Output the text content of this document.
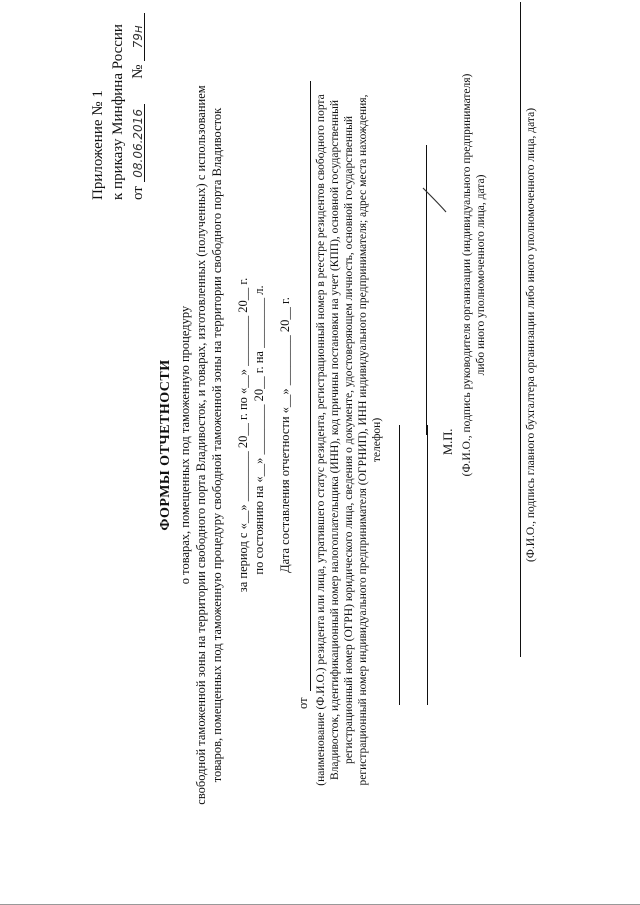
Приложение № 1 к приказу Минфина России от 08.06.2016  № 79н
ФОРМЫ ОТЧЕТНОСТИ о товарах, помещенных под таможенную процедуру свободной таможенной зоны на территории свободного порта Владивосток, и товарах, изготовленных (полученных) с использованием товаров, помещенных под таможенную процедуру свободной таможенной зоны на территории свободного порта Владивосток за период с «__» ________ 20__ г. по «__» ________ 20__ г. по состоянию на «__» ________ 20__ г. на ________ л. Дата составления отчетности «__» ________ 20__ г.
от (наименование (Ф.И.О.) резидента или лица, утратившего статус резидента, регистрационный номер в реестре резидентов свободного порта Владивосток, идентификационный номер налогоплательщика (ИНН), код причины постановки на учет (КПП), основной государственный регистрационный номер (ОГРН) юридического лица, сведения о документе, удостоверяющем личность, основной государственный регистрационный номер индивидуального предпринимателя (ОГРНИП), ИНН индивидуального предпринимателя; адрес места нахождения, телефон)	М.П. (Ф.И.О., подпись руководителя организации (индивидуального предпринимателя) либо иного уполномоченного лица, дата)	(Ф.И.О., подпись главного бухгалтера организации либо иного уполномоченного лица, дата)
